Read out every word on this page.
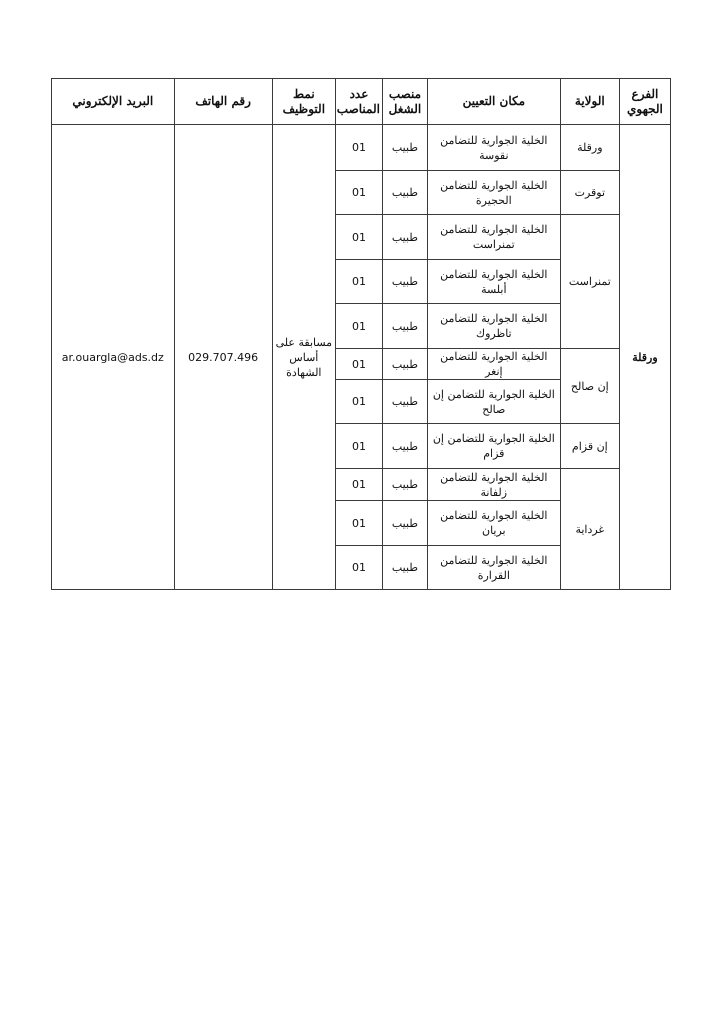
الفرع الجهوي	الولاية	مكان التعيين	منصب الشغل	عدد المناصب	نمط التوظيف	رقم الهاتف	البريد الإلكتروني
ورقلة	ورقلة	الخلية الجوارية للتضامن نقوسة	طبيب	01	مسابقة على أساس الشهادة	029.707.496	ar.ouargla@ads.dz
	توقرت	الخلية الجوارية للتضامن الحجيرة	طبيب	01			
	تمنراست	الخلية الجوارية للتضامن تمنراست	طبيب	01			
		الخلية الجوارية للتضامن أبلسة	طبيب	01			
		الخلية الجوارية للتضامن تاظروك	طبيب	01			
	إن صالح	الخلية الجوارية للتضامن إنغر	طبيب	01			
		الخلية الجوارية للتضامن إن صالح	طبيب	01			
	إن قزام	الخلية الجوارية للتضامن إن قزام	طبيب	01			
	غرداية	الخلية الجوارية للتضامن زلفانة	طبيب	01			
		الخلية الجوارية للتضامن بريان	طبيب	01			
		الخلية الجوارية للتضامن القرارة	طبيب	01			
